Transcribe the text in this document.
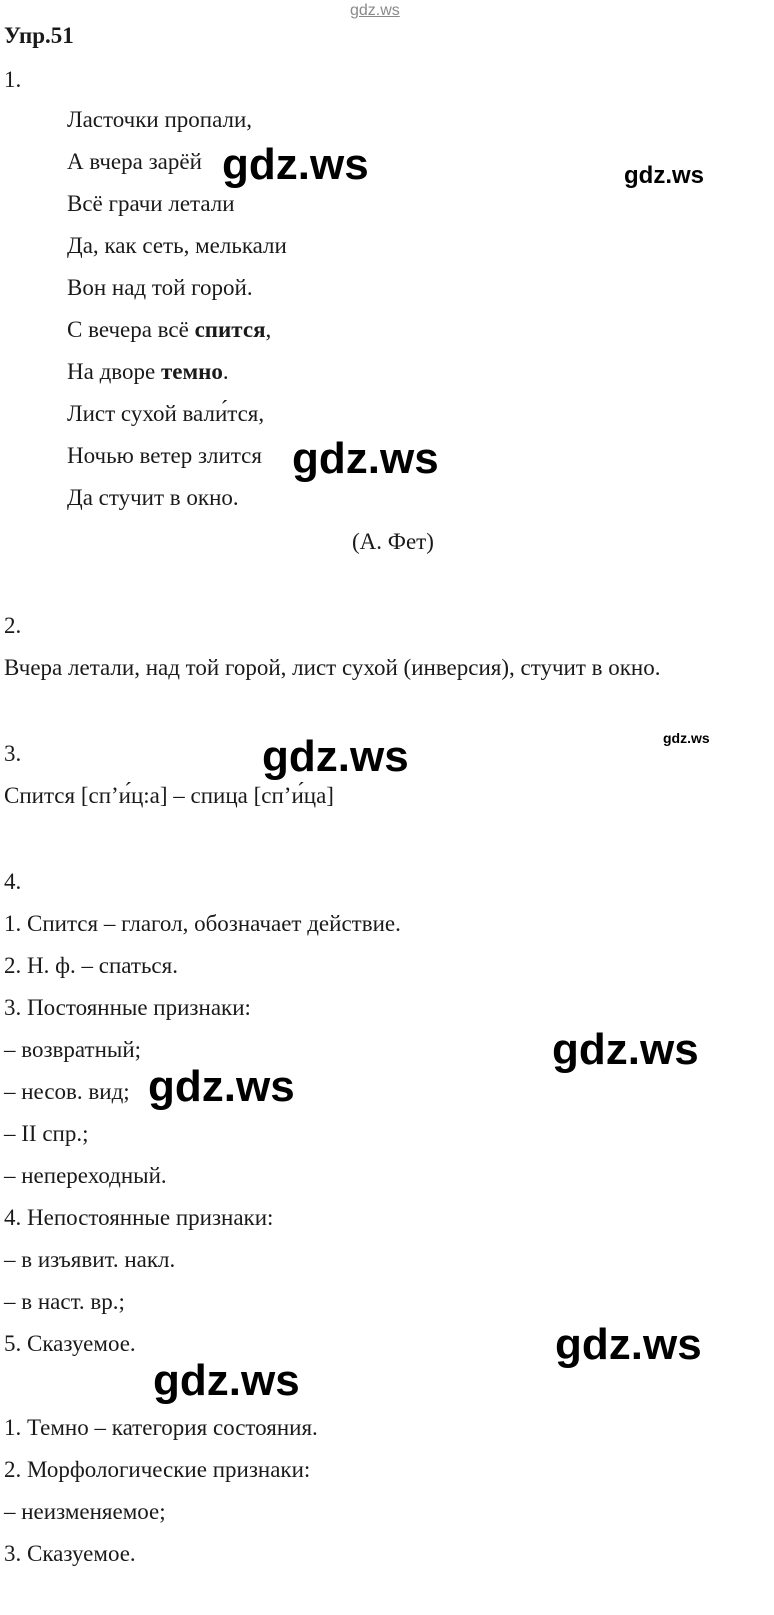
gdz.ws
Упр.51
1.
Ласточки пропали,
А вчера зарёй
Всё грачи летали
Да, как сеть, мелькали
Вон над той горой.
С вечера всё спится,
На дворе темно.
Лист сухой вали́тся,
Ночью ветер злится
Да стучит в окно.
(А. Фет)
2.
Вчера летали, над той горой, лист сухой (инверсия), стучит в окно.
3.
Спится [сп’и́ц:а] – спица [сп’и́ца]
4.
1. Спится – глагол, обозначает действие.
2. Н. ф. – спаться.
3. Постоянные признаки:
– возвратный;
– несов. вид;
– II спр.;
– непереходный.
4. Непостоянные признаки:
– в изъявит. накл.
– в наст. вр.;
5. Сказуемое.
1. Темно – категория состояния.
2. Морфологические признаки:
– неизменяемое;
3. Сказуемое.
gdz.ws	gdz.ws
gdz.ws
gdz.ws
gdz.ws
gdz.ws
gdz.ws
gdz.ws
gdz.ws
